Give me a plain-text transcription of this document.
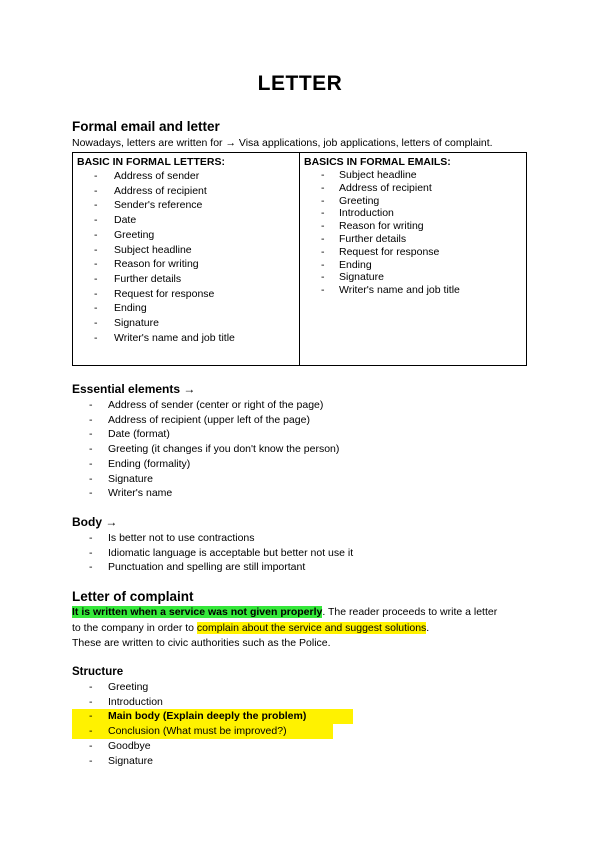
LETTER
Formal email and letter
Nowadays, letters are written for → Visa applications, job applications, letters of complaint.
BASIC IN FORMAL LETTERS:
- Address of sender
- Address of recipient
- Sender's reference
- Date
- Greeting
- Subject headline
- Reason for writing
- Further details
- Request for response
- Ending
- Signature
- Writer's name and job title

BASICS IN FORMAL EMAILS:
- Subject headline
- Address of recipient
- Greeting
- Introduction
- Reason for writing
- Further details
- Request for response
- Ending
- Signature
- Writer's name and job title
Essential elements →
- Address of sender (center or right of the page)
- Address of recipient (upper left of the page)
- Date (format)
- Greeting (it changes if you don't know the person)
- Ending (formality)
- Signature
- Writer's name
Body →
- Is better not to use contractions
- Idiomatic language is acceptable but better not use it
- Punctuation and spelling are still important
Letter of complaint
It is written when a service was not given properly. The reader proceeds to write a letter
to the company in order to complain about the service and suggest solutions.
These are written to civic authorities such as the Police.
Structure
- Greeting
- Introduction
- Main body (Explain deeply the problem)
- Conclusion (What must be improved?)
- Goodbye
- Signature
